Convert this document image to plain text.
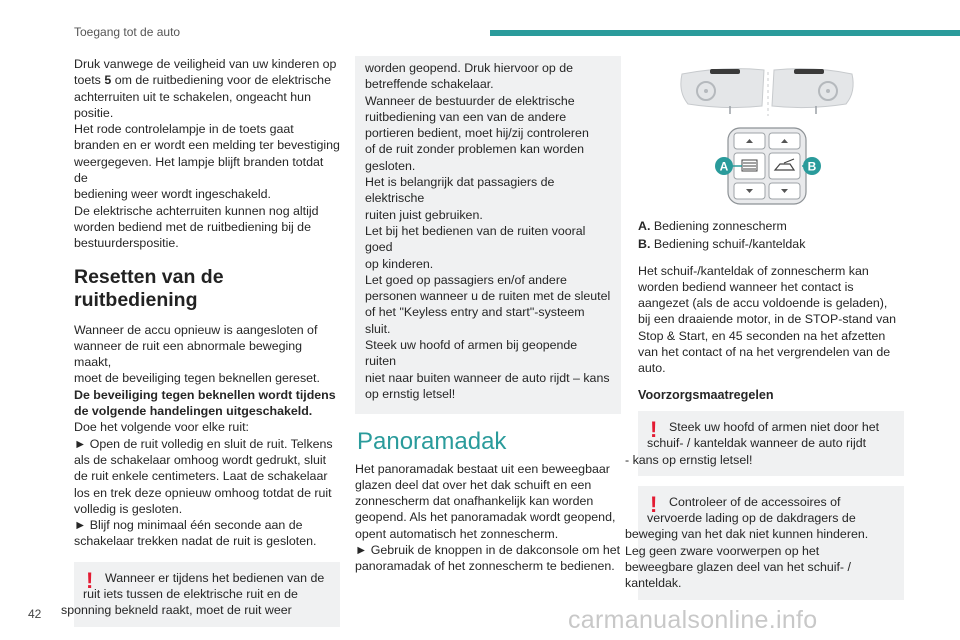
Toegang tot de auto

Druk vanwege de veiligheid van uw kinderen op
toets 5 om de ruitbediening voor de elektrische
achterruiten uit te schakelen, ongeacht hun
positie.
Het rode controlelampje in de toets gaat
branden en er wordt een melding ter bevestiging
weergegeven. Het lampje blijft branden totdat de
bediening weer wordt ingeschakeld.
De elektrische achterruiten kunnen nog altijd
worden bediend met de ruitbediening bij de
bestuurderspositie.

Resetten van de
ruitbediening

Wanneer de accu opnieuw is aangesloten of
wanneer de ruit een abnormale beweging maakt,
moet de beveiliging tegen beknellen gereset.
De beveiliging tegen beknellen wordt tijdens
de volgende handelingen uitgeschakeld.
Doe het volgende voor elke ruit:
► Open de ruit volledig en sluit de ruit. Telkens
als de schakelaar omhoog wordt gedrukt, sluit
de ruit enkele centimeters. Laat de schakelaar
los en trek deze opnieuw omhoog totdat de ruit
volledig is gesloten.
► Blijf nog minimaal één seconde aan de
schakelaar trekken nadat de ruit is gesloten.

! Wanneer er tijdens het bedienen van de
ruit iets tussen de elektrische ruit en de
sponning bekneld raakt, moet de ruit weer

worden geopend. Druk hiervoor op de
betreffende schakelaar.
Wanneer de bestuurder de elektrische
ruitbediening van een van de andere
portieren bedient, moet hij/zij controleren
of de ruit zonder problemen kan worden
gesloten.
Het is belangrijk dat passagiers de elektrische
ruiten juist gebruiken.
Let bij het bedienen van de ruiten vooral goed
op kinderen.
Let goed op passagiers en/of andere
personen wanneer u de ruiten met de sleutel
of het "Keyless entry and start"-systeem sluit.
Steek uw hoofd of armen bij geopende ruiten
niet naar buiten wanneer de auto rijdt – kans
op ernstig letsel!

Panoramadak

Het panoramadak bestaat uit een beweegbaar
glazen deel dat over het dak schuift en een
zonnescherm dat onafhankelijk kan worden
geopend. Als het panoramadak wordt geopend,
opent automatisch het zonnescherm.
► Gebruik de knoppen in de dakconsole om het
panoramadak of het zonnescherm te bedienen.

A	B

A. Bediening zonnescherm

B. Bediening schuif-/kanteldak

Het schuif-/kanteldak of zonnescherm kan
worden bediend wanneer het contact is
aangezet (als de accu voldoende is geladen),
bij een draaiende motor, in de STOP-stand van
Stop & Start, en 45 seconden na het afzetten
van het contact of na het vergrendelen van de
auto.

Voorzorgsmaatregelen
! Steek uw hoofd of armen niet door het
schuif- / kanteldak wanneer de auto rijdt
- kans op ernstig letsel!

! Controleer of de accessoires of
vervoerde lading op de dakdragers de
beweging van het dak niet kunnen hinderen.
Leg geen zware voorwerpen op het
beweegbare glazen deel van het schuif- /
kanteldak.

42	carmanualsonline.info
